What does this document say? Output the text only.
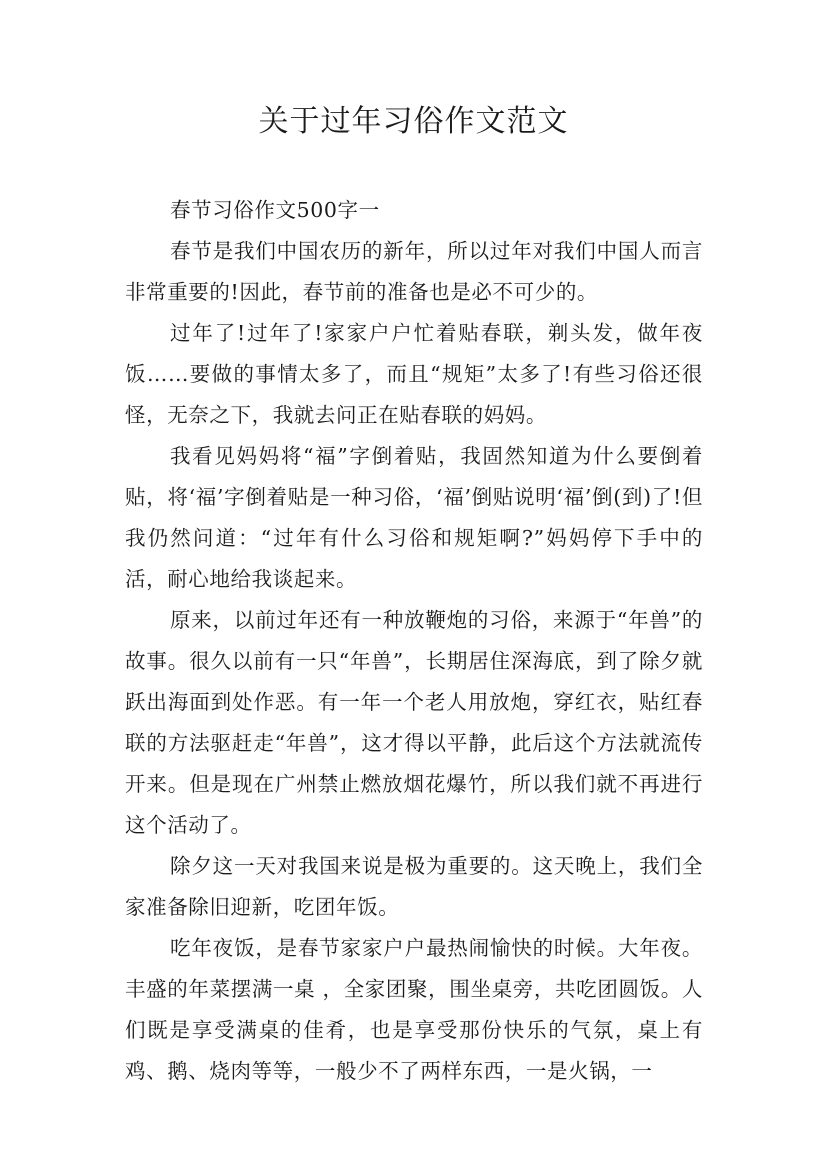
关于过年习俗作文范文

春节习俗作文500字一

春节是我们中国农历的新年，所以过年对我们中国人而言非常重要的!因此，春节前的准备也是必不可少的。

过年了!过年了!家家户户忙着贴春联，剃头发，做年夜饭……要做的事情太多了，而且“规矩”太多了!有些习俗还很怪，无奈之下，我就去问正在贴春联的妈妈。

我看见妈妈将“福”字倒着贴，我固然知道为什么要倒着贴，将‘福’字倒着贴是一种习俗，‘福’倒贴说明‘福’倒(到)了!但我仍然问道：“过年有什么习俗和规矩啊?”妈妈停下手中的活，耐心地给我谈起来。

原来，以前过年还有一种放鞭炮的习俗，来源于“年兽”的故事。很久以前有一只“年兽”，长期居住深海底，到了除夕就跃出海面到处作恶。有一年一个老人用放炮，穿红衣，贴红春联的方法驱赶走“年兽”，这才得以平静，此后这个方法就流传开来。但是现在广州禁止燃放烟花爆竹，所以我们就不再进行这个活动了。

除夕这一天对我国来说是极为重要的。这天晚上，我们全家准备除旧迎新，吃团年饭。

吃年夜饭，是春节家家户户最热闹愉快的时候。大年夜。丰盛的年菜摆满一桌 ，全家团聚，围坐桌旁，共吃团圆饭。人们既是享受满桌的佳肴，也是享受那份快乐的气氛，桌上有鸡、鹅、烧肉等等，一般少不了两样东西，一是火锅，一
